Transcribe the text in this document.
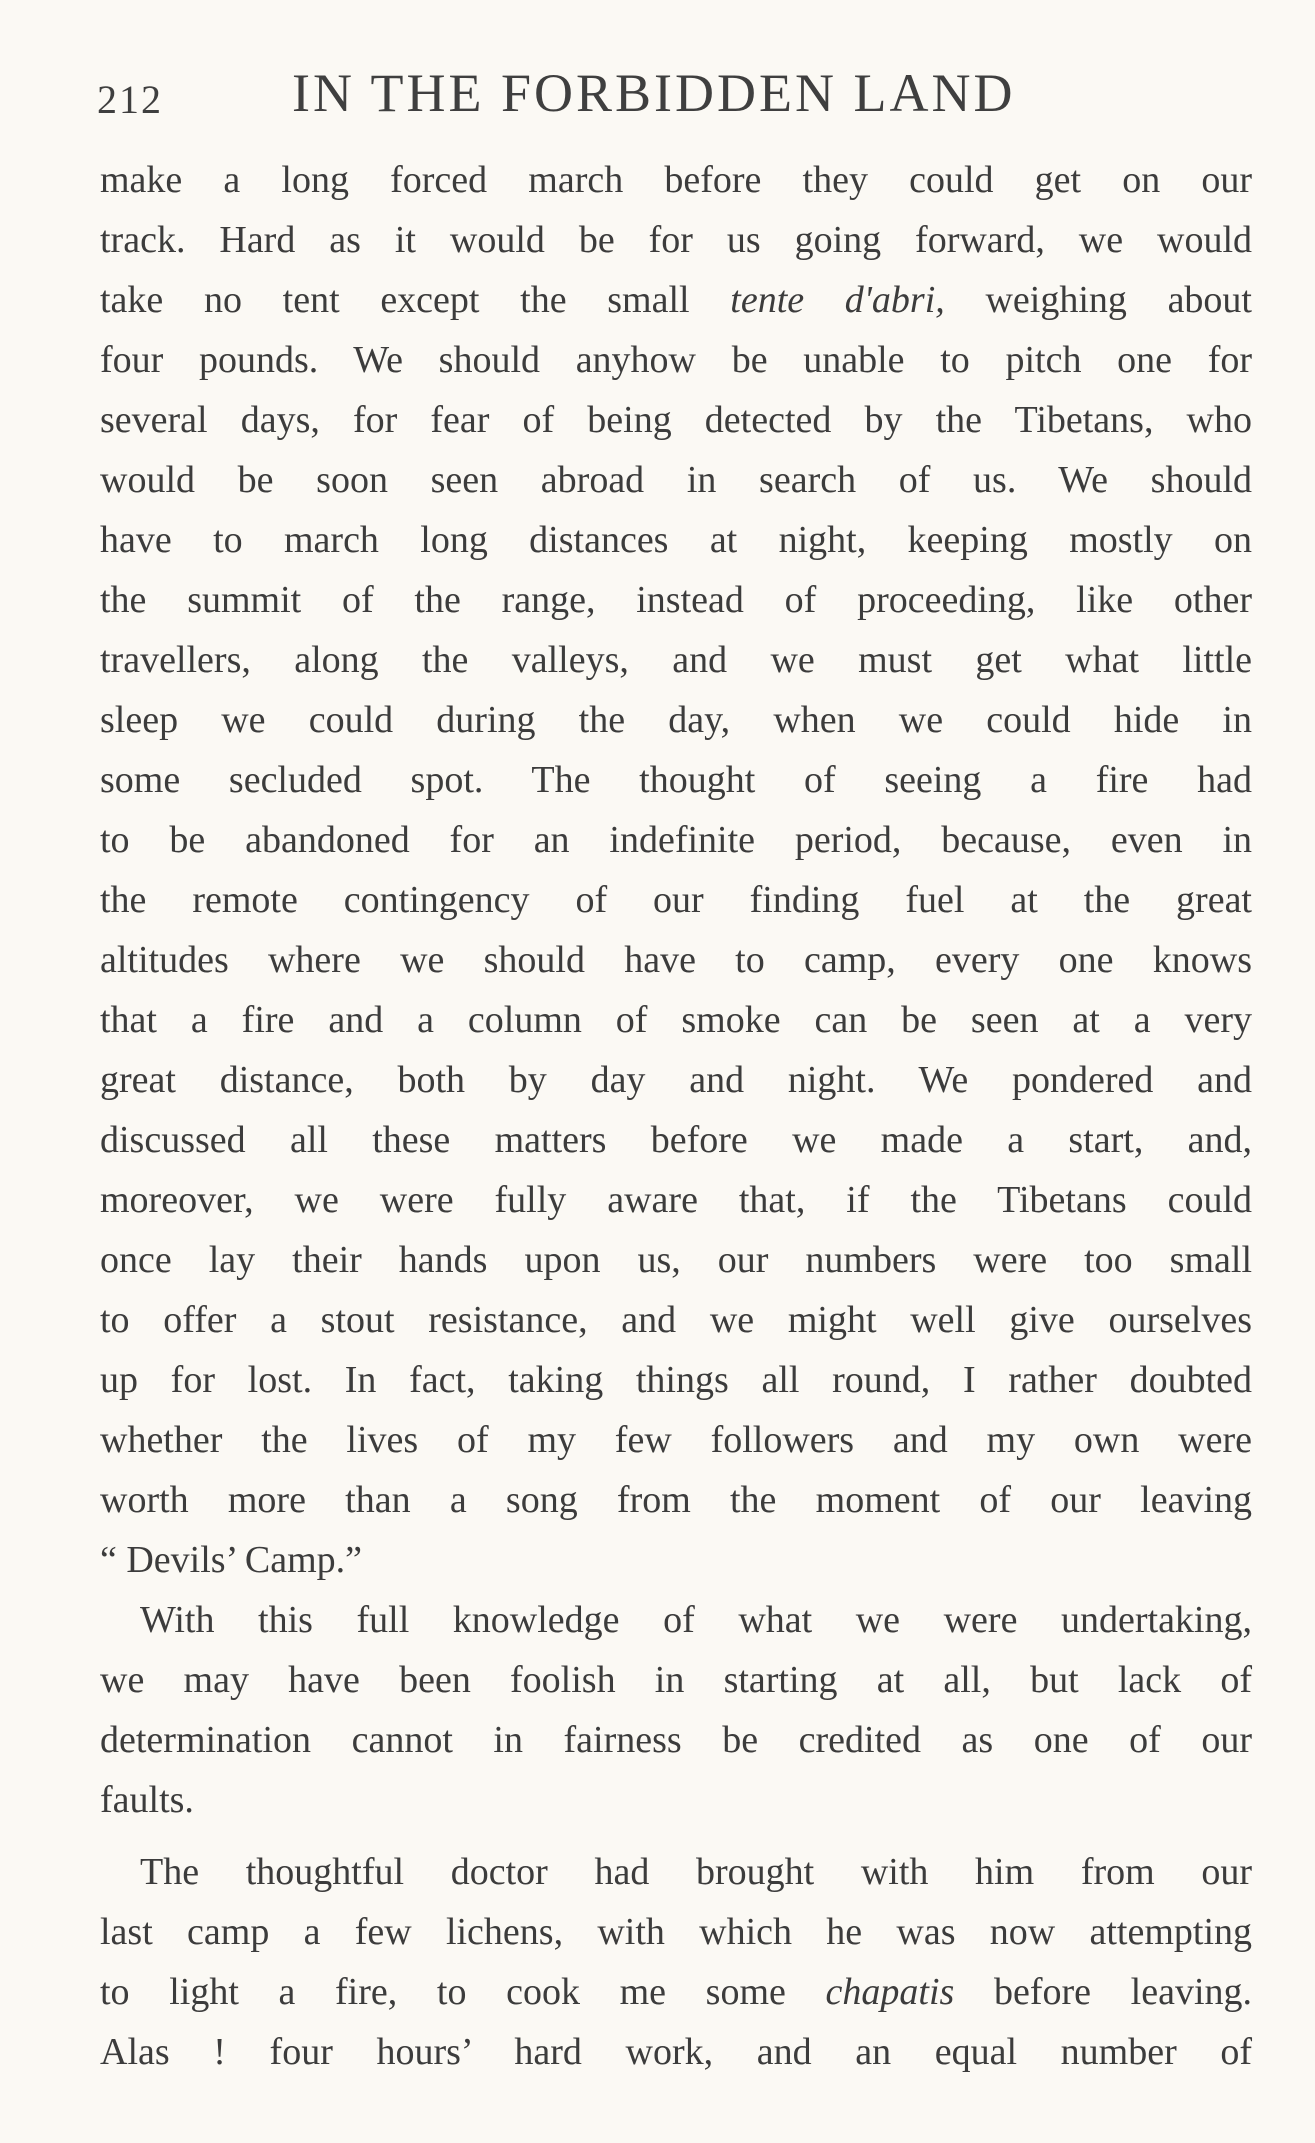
212 IN THE FORBIDDEN LAND

make a long forced march before they could get on our
track. Hard as it would be for us going forward, we would
take no tent except the small tente d'abri, weighing about
four pounds. We should anyhow be unable to pitch one for
several days, for fear of being detected by the Tibetans, who
would be soon seen abroad in search of us. We should
have to march long distances at night, keeping mostly on
the summit of the range, instead of proceeding, like other
travellers, along the valleys, and we must get what little
sleep we could during the day, when we could hide in
some secluded spot. The thought of seeing a fire had
to be abandoned for an indefinite period, because, even in
the remote contingency of our finding fuel at the great
altitudes where we should have to camp, every one knows
that a fire and a column of smoke can be seen at a very
great distance, both by day and night. We pondered and
discussed all these matters before we made a start, and,
moreover, we were fully aware that, if the Tibetans could
once lay their hands upon us, our numbers were too small
to offer a stout resistance, and we might well give ourselves
up for lost. In fact, taking things all round, I rather doubted
whether the lives of my few followers and my own were
worth more than a song from the moment of our leaving
“ Devils’ Camp.”

With this full knowledge of what we were undertaking,
we may have been foolish in starting at all, but lack of
determination cannot in fairness be credited as one of our
faults.

The thoughtful doctor had brought with him from our
last camp a few lichens, with which he was now attempting
to light a fire, to cook me some chapatis before leaving.
Alas ! four hours’ hard work, and an equal number of
